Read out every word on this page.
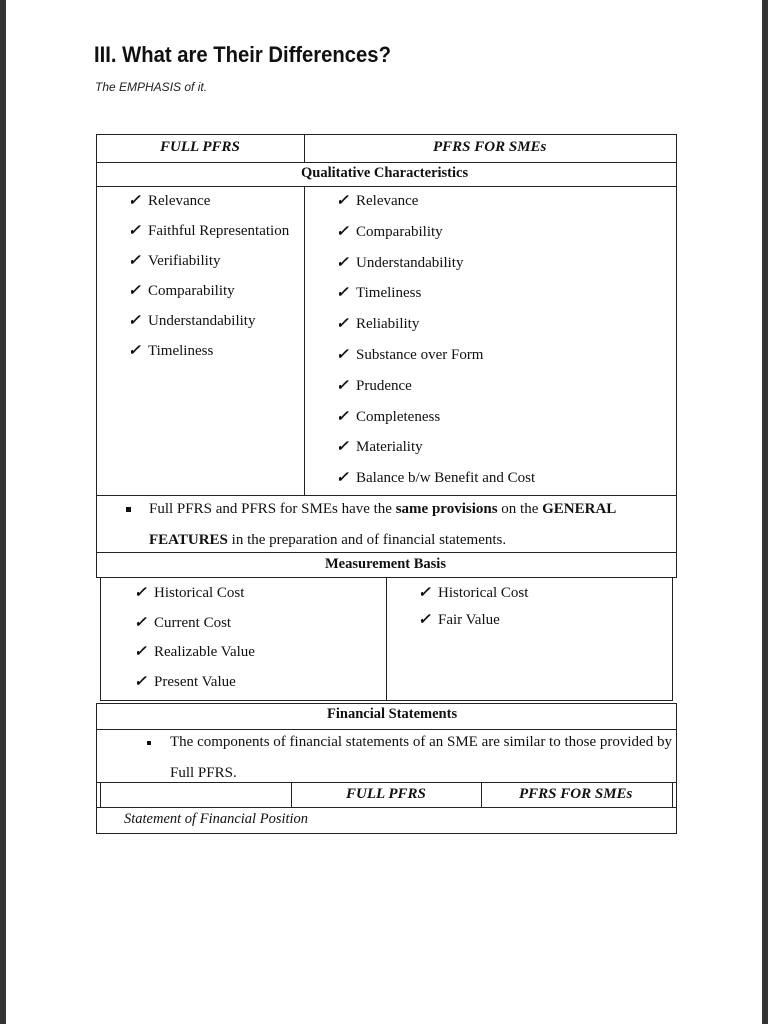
III. What are Their Differences?

The EMPHASIS of it.

FULL PFRS	PFRS FOR SMEs
Qualitative Characteristics
✓ Relevance
✓ Faithful Representation
✓ Verifiability
✓ Comparability
✓ Understandability
✓ Timeliness
✓ Relevance
✓ Comparability
✓ Understandability
✓ Timeliness
✓ Reliability
✓ Substance over Form
✓ Prudence
✓ Completeness
✓ Materiality
✓ Balance b/w Benefit and Cost
Full PFRS and PFRS for SMEs have the same provisions on the GENERAL FEATURES in the preparation and of financial statements.
Measurement Basis
✓ Historical Cost
✓ Current Cost
✓ Realizable Value
✓ Present Value
✓ Historical Cost
✓ Fair Value
Financial Statements
The components of financial statements of an SME are similar to those provided by Full PFRS.
FULL PFRS	PFRS FOR SMEs
Statement of Financial Position
